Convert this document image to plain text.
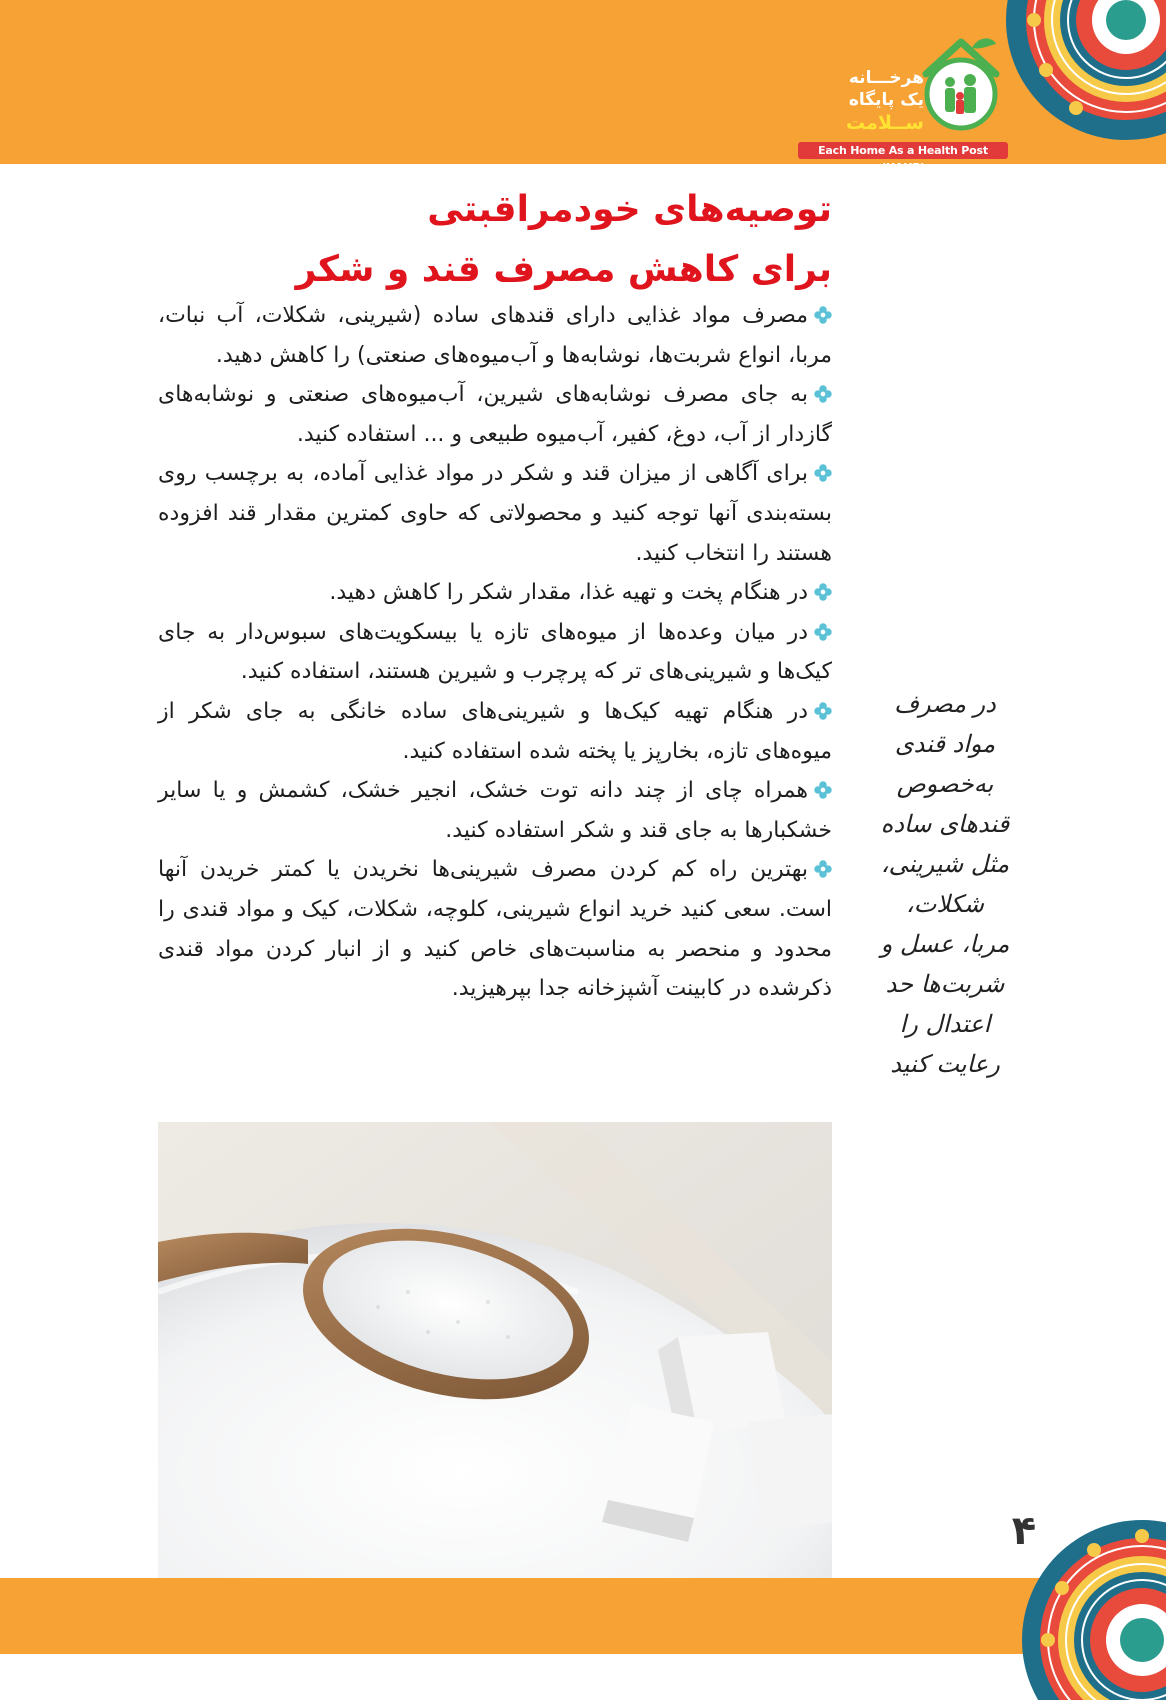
هرخـــانه
یک پایگاه
ســلامت
Each Home As a Health Post (HAHP)
توصیه‌های خودمراقبتی
برای کاهش مصرف قند و شکر
مصرف مواد غذایی دارای قندهای ساده (شیرینی، شکلات، آب نبات، مربا، انواع شربت‌ها، نوشابه‌ها و آب‌میوه‌های صنعتی) را کاهش دهید.
به جای مصرف نوشابه‌های شیرین، آب‌میوه‌های صنعتی و نوشابه‌های گازدار از آب، دوغ، کفیر، آب‌میوه طبیعی و ... استفاده کنید.
برای آگاهی از میزان قند و شکر در مواد غذایی آماده، به برچسب روی بسته‌بندی آنها توجه کنید و محصولاتی که حاوی کمترین مقدار قند افزوده هستند را انتخاب کنید.
در هنگام پخت و تهیه غذا، مقدار شکر را کاهش دهید.
در میان وعده‌ها از میوه‌های تازه یا بیسکویت‌های سبوس‌دار به جای کیک‌ها و شیرینی‌های تر که پرچرب و شیرین هستند، استفاده کنید.
در هنگام تهیه کیک‌ها و شیرینی‌های ساده خانگی به جای شکر از میوه‌های تازه، بخارپز یا پخته شده استفاده کنید.
همراه چای از چند دانه توت خشک، انجیر خشک، کشمش و یا سایر خشکبارها به جای قند و شکر استفاده کنید.
بهترین راه کم کردن مصرف شیرینی‌ها نخریدن یا کمتر خریدن آنها است. سعی کنید خرید انواع شیرینی، کلوچه، شکلات، کیک و مواد قندی را محدود و منحصر به مناسبت‌های خاص کنید و از انبار کردن مواد قندی ذکرشده در کابینت آشپزخانه جدا بپرهیزید.
در مصرف
مواد قندی
به‌خصوص
قندهای ساده
مثل شیرینی،
شکلات،
مربا، عسل و
شربت‌ها حد
اعتدال را
رعایت کنید
۴
